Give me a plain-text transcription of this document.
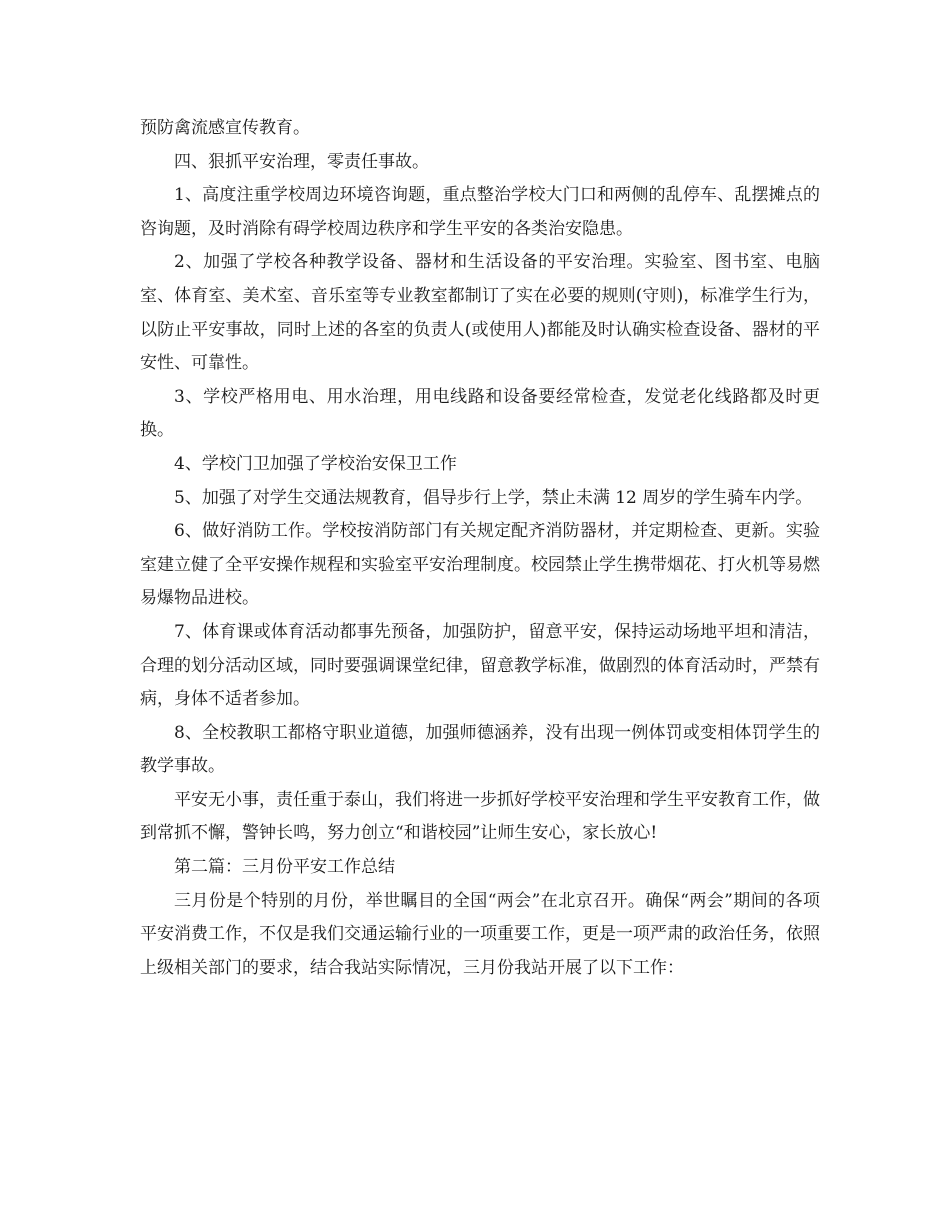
预防禽流感宣传教育。

四、狠抓平安治理，零责任事故。

1、高度注重学校周边环境咨询题，重点整治学校大门口和两侧的乱停车、乱摆摊点的咨询题，及时消除有碍学校周边秩序和学生平安的各类治安隐患。

2、加强了学校各种教学设备、器材和生活设备的平安治理。实验室、图书室、电脑室、体育室、美术室、音乐室等专业教室都制订了实在必要的规则(守则)，标准学生行为，以防止平安事故，同时上述的各室的负责人(或使用人)都能及时认确实检查设备、器材的平安性、可靠性。

3、学校严格用电、用水治理，用电线路和设备要经常检查，发觉老化线路都及时更换。

4、学校门卫加强了学校治安保卫工作

5、加强了对学生交通法规教育，倡导步行上学，禁止未满 12 周岁的学生骑车内学。

6、做好消防工作。学校按消防部门有关规定配齐消防器材，并定期检查、更新。实验室建立健了全平安操作规程和实验室平安治理制度。校园禁止学生携带烟花、打火机等易燃易爆物品进校。

7、体育课或体育活动都事先预备，加强防护，留意平安，保持运动场地平坦和清洁，合理的划分活动区域，同时要强调课堂纪律，留意教学标准，做剧烈的体育活动时，严禁有病，身体不适者参加。

8、全校教职工都格守职业道德，加强师德涵养，没有出现一例体罚或变相体罚学生的教学事故。

平安无小事，责任重于泰山，我们将进一步抓好学校平安治理和学生平安教育工作，做到常抓不懈，警钟长鸣，努力创立“和谐校园”让师生安心，家长放心!

第二篇：三月份平安工作总结

三月份是个特别的月份，举世瞩目的全国“两会”在北京召开。确保“两会”期间的各项平安消费工作，不仅是我们交通运输行业的一项重要工作，更是一项严肃的政治任务，依照上级相关部门的要求，结合我站实际情况，三月份我站开展了以下工作：
